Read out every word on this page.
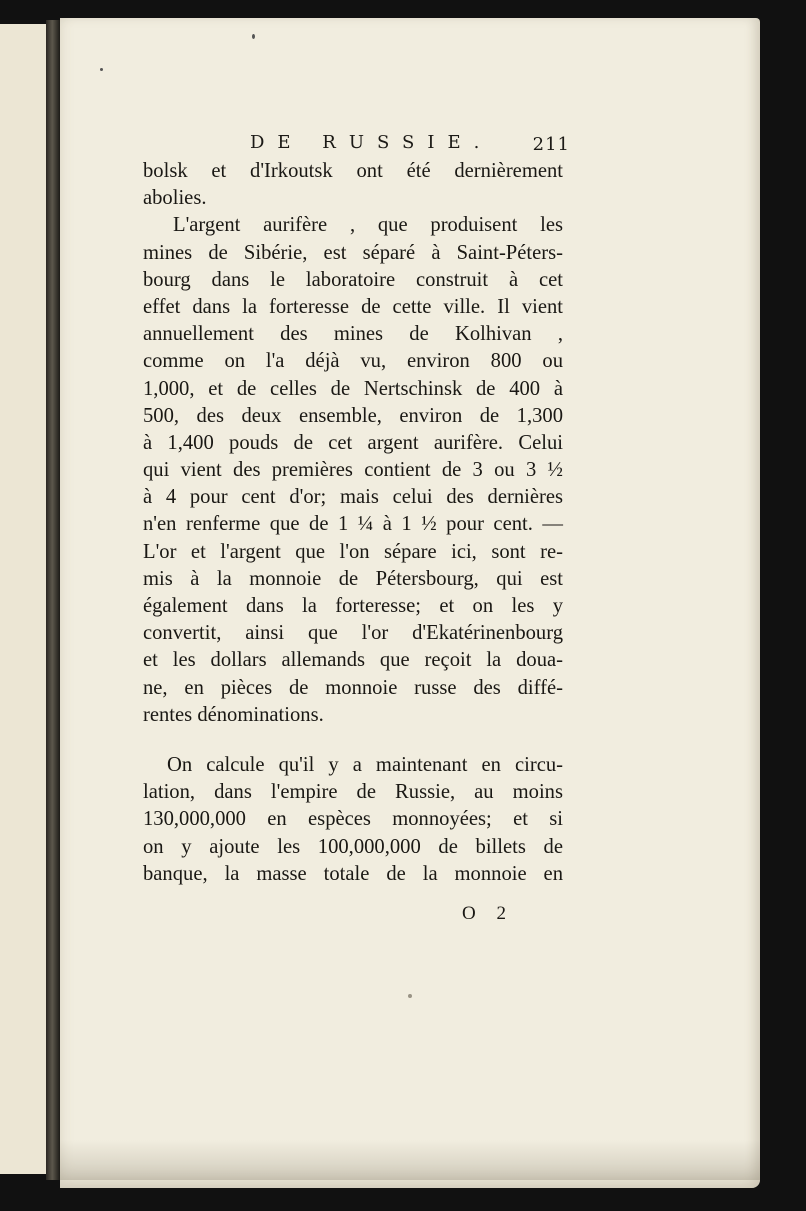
DE RUSSIE. 211
bolsk et d'Irkoutsk ont été dernièrement
abolies.
L'argent aurifère , que produisent les
mines de Sibérie, est séparé à Saint-Péters-
bourg dans le laboratoire construit à cet
effet dans la forteresse de cette ville. Il vient
annuellement des mines de Kolhivan ,
comme on l'a déjà vu, environ 800 ou
1,000, et de celles de Nertschinsk de 400 à
500, des deux ensemble, environ de 1,300
à 1,400 pouds de cet argent aurifère. Celui
qui vient des premières contient de 3 ou 3 ½
à 4 pour cent d'or; mais celui des dernières
n'en renferme que de 1 ¼ à 1 ½ pour cent. —
L'or et l'argent que l'on sépare ici, sont re-
mis à la monnoie de Pétersbourg, qui est
également dans la forteresse; et on les y
convertit, ainsi que l'or d'Ekatérinenbourg
et les dollars allemands que reçoit la doua-
ne, en pièces de monnoie russe des diffé-
rentes dénominations.
On calcule qu'il y a maintenant en circu-
lation, dans l'empire de Russie, au moins
130,000,000 en espèces monnoyées; et si
on y ajoute les 100,000,000 de billets de
banque, la masse totale de la monnoie en
O 2
